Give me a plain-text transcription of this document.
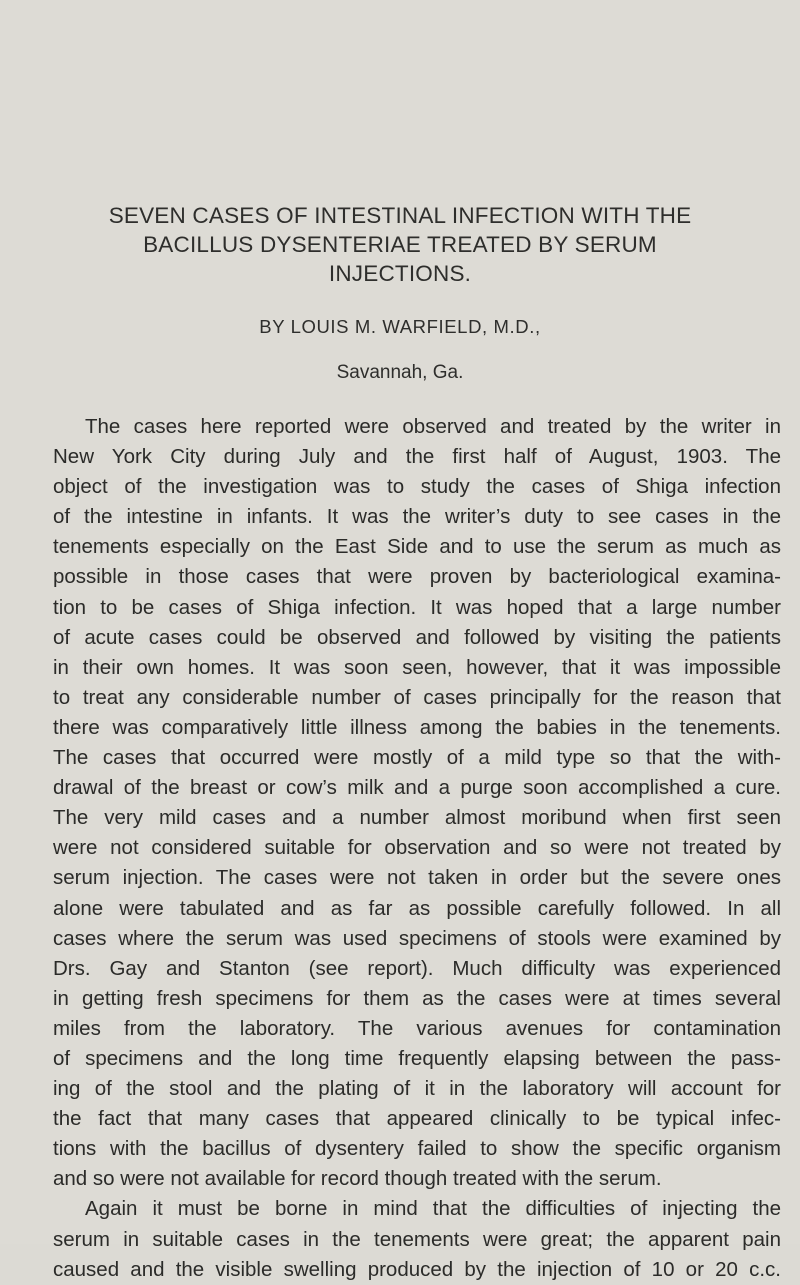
SEVEN CASES OF INTESTINAL INFECTION WITH THE
BACILLUS DYSENTERIAE TREATED BY SERUM
INJECTIONS.
BY LOUIS M. WARFIELD, M.D.,
Savannah, Ga.
The cases here reported were observed and treated by the writer in
New York City during July and the first half of August, 1903. The
object of the investigation was to study the cases of Shiga infection
of the intestine in infants. It was the writer’s duty to see cases in the
tenements especially on the East Side and to use the serum as much as
possible in those cases that were proven by bacteriological examina-
tion to be cases of Shiga infection. It was hoped that a large number
of acute cases could be observed and followed by visiting the patients
in their own homes. It was soon seen, however, that it was impossible
to treat any considerable number of cases principally for the reason that
there was comparatively little illness among the babies in the tenements.
The cases that occurred were mostly of a mild type so that the with-
drawal of the breast or cow’s milk and a purge soon accomplished a cure.
The very mild cases and a number almost moribund when first seen
were not considered suitable for observation and so were not treated by
serum injection. The cases were not taken in order but the severe ones
alone were tabulated and as far as possible carefully followed. In all
cases where the serum was used specimens of stools were examined by
Drs. Gay and Stanton (see report). Much difficulty was experienced
in getting fresh specimens for them as the cases were at times several
miles from the laboratory. The various avenues for contamination
of specimens and the long time frequently elapsing between the pass-
ing of the stool and the plating of it in the laboratory will account for
the fact that many cases that appeared clinically to be typical infec-
tions with the bacillus of dysentery failed to show the specific organism
and so were not available for record though treated with the serum.
Again it must be borne in mind that the difficulties of injecting the
serum in suitable cases in the tenements were great; the apparent pain
caused and the visible swelling produced by the injection of 10 or 20 c.c.
